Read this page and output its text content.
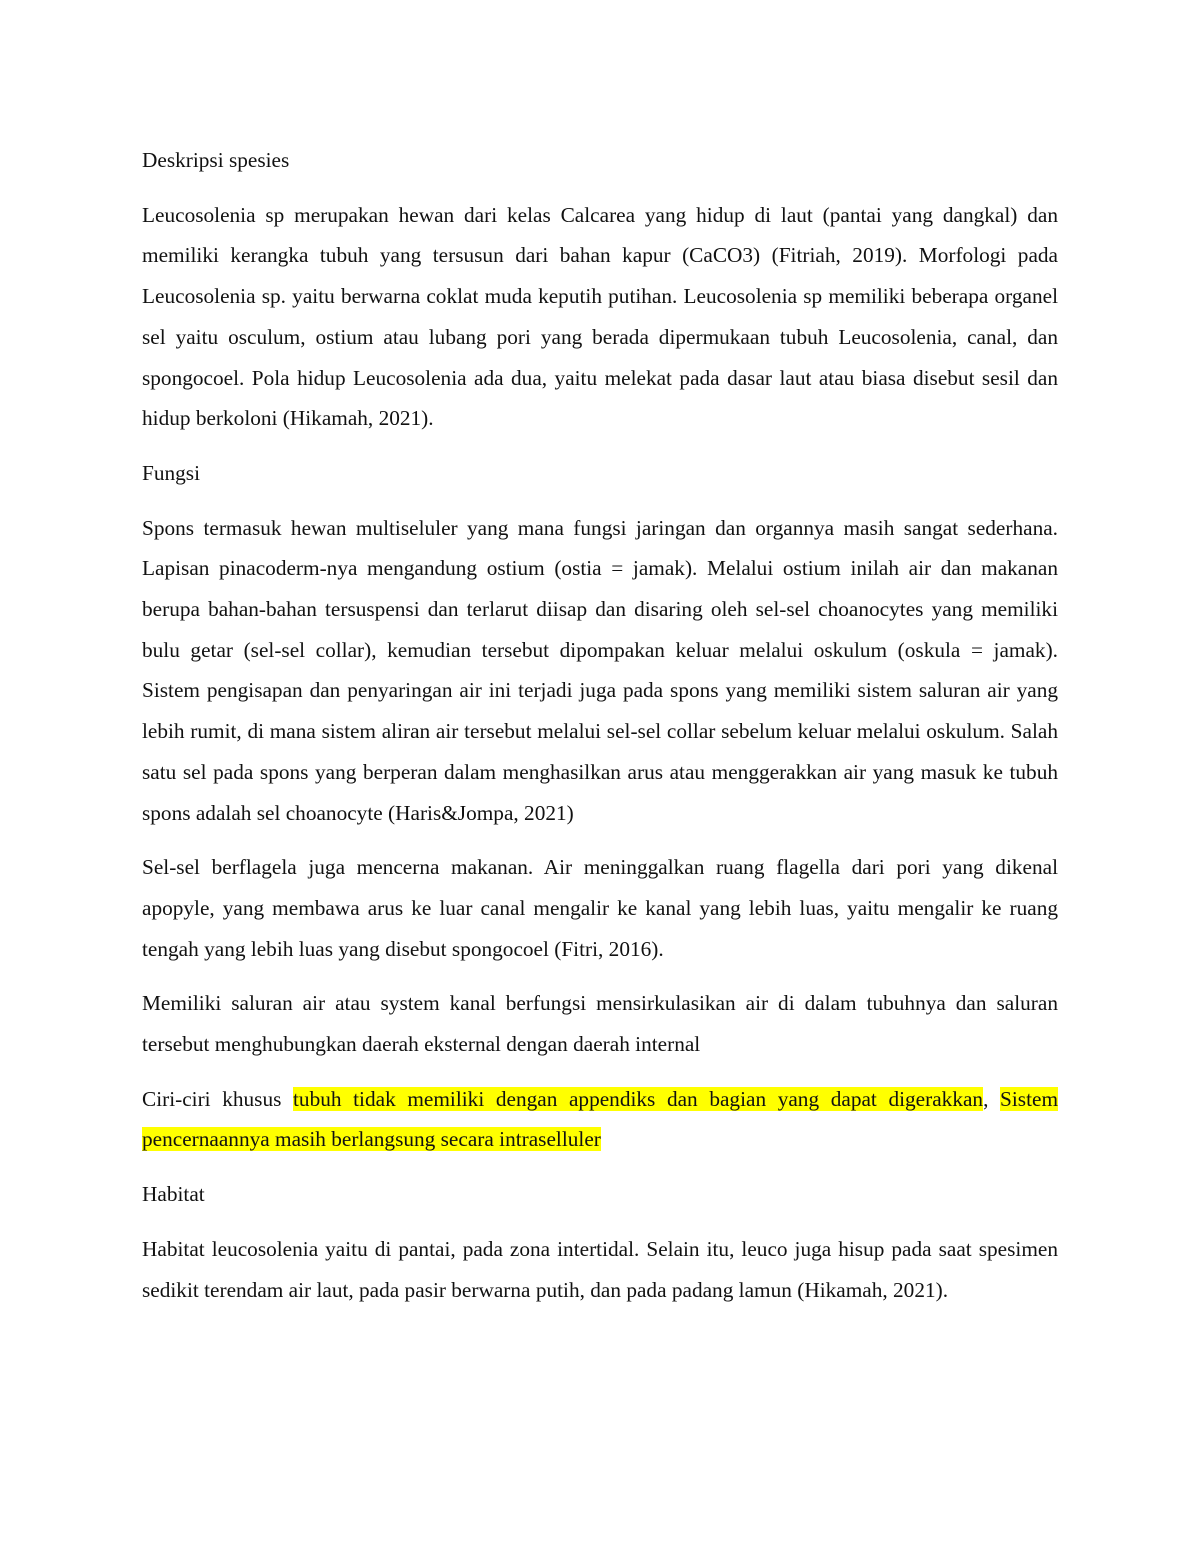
Deskripsi spesies

Leucosolenia sp merupakan hewan dari kelas Calcarea yang hidup di laut (pantai yang dangkal) dan memiliki kerangka tubuh yang tersusun dari bahan kapur (CaCO3) (Fitriah, 2019). Morfologi pada Leucosolenia sp. yaitu berwarna coklat muda keputih putihan. Leucosolenia sp memiliki beberapa organel sel yaitu osculum, ostium atau lubang pori yang berada dipermukaan tubuh Leucosolenia, canal, dan spongocoel. Pola hidup Leucosolenia ada dua, yaitu melekat pada dasar laut atau biasa disebut sesil dan hidup berkoloni (Hikamah, 2021).

Fungsi

Spons termasuk hewan multiseluler yang mana fungsi jaringan dan organnya masih sangat sederhana. Lapisan pinacoderm-nya mengandung ostium (ostia = jamak). Melalui ostium inilah air dan makanan berupa bahan-bahan tersuspensi dan terlarut diisap dan disaring oleh sel-sel choanocytes yang memiliki bulu getar (sel-sel collar), kemudian tersebut dipompakan keluar melalui oskulum (oskula = jamak). Sistem pengisapan dan penyaringan air ini terjadi juga pada spons yang memiliki sistem saluran air yang lebih rumit, di mana sistem aliran air tersebut melalui sel-sel collar sebelum keluar melalui oskulum. Salah satu sel pada spons yang berperan dalam menghasilkan arus atau menggerakkan air yang masuk ke tubuh spons adalah sel choanocyte (Haris&Jompa, 2021)

Sel-sel berflagela juga mencerna makanan. Air meninggalkan ruang flagella dari pori yang dikenal apopyle, yang membawa arus ke luar canal mengalir ke kanal yang lebih luas, yaitu mengalir ke ruang tengah yang lebih luas yang disebut spongocoel (Fitri, 2016).

Memiliki saluran air atau system kanal berfungsi mensirkulasikan air di dalam tubuhnya dan saluran tersebut menghubungkan daerah eksternal dengan daerah internal

Ciri-ciri khusus tubuh tidak memiliki dengan appendiks dan bagian yang dapat digerakkan, Sistem pencernaannya masih berlangsung secara intraselluler

Habitat

Habitat leucosolenia yaitu di pantai, pada zona intertidal. Selain itu, leuco juga hisup pada saat spesimen sedikit terendam air laut, pada pasir berwarna putih, dan pada padang lamun (Hikamah, 2021).
